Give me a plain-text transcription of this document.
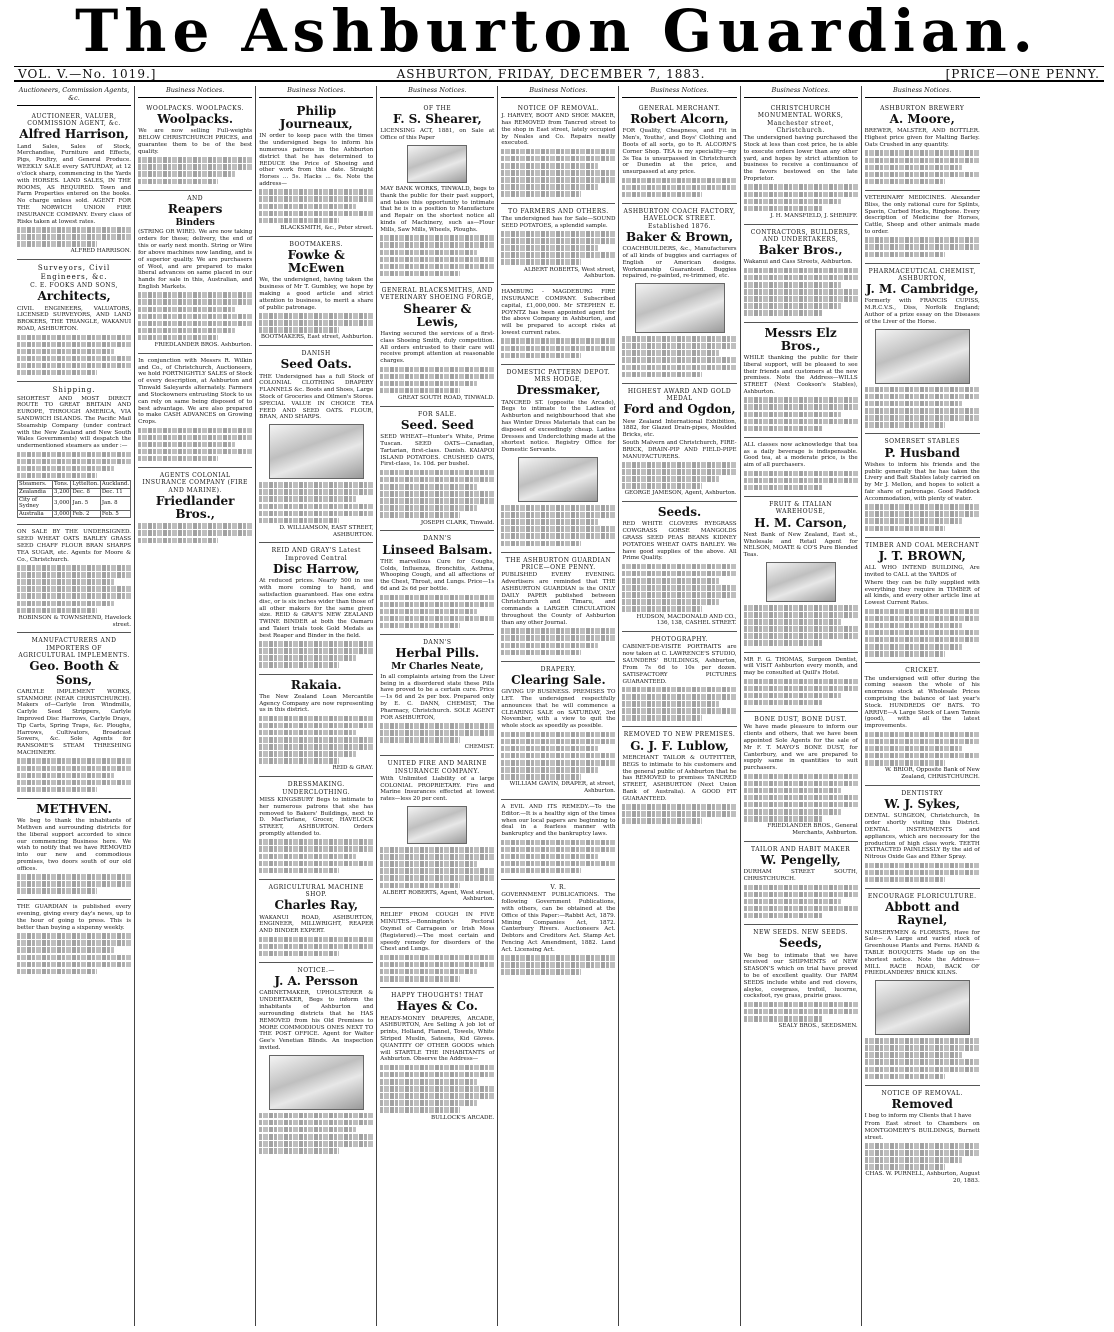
The Ashburton Guardian.
VOL. V.—No. 1019.]	ASHBURTON, FRIDAY, DECEMBER 7, 1883.	[PRICE—ONE PENNY.
Auctioneers, Commission Agents, &c.
AUCTIONEER, VALUER, COMMISSION AGENT, &c.
Alfred Harrison,
Land Sales, Sales of Stock, Merchandise, Furniture and Effects, Pigs, Poultry, and General Produce. WEEKLY SALE every SATURDAY, at 12 o'clock sharp, commencing in the Yards with HORSES. LAND SALES, IN THE ROOMS, AS REQUIRED. Town and Farm Properties entered on the books. No charge unless sold. AGENT FOR THE NORWICH UNION FIRE INSURANCE COMPANY. Every class of Risks taken at lowest rates.
ALFRED HARRISON.
Surveyors, Civil Engineers, &c.
C. E. FOOKS AND SONS,
Architects,
CIVIL ENGINEERS, VALUATORS, LICENSED SURVEYORS, AND LAND BROKERS, THE TRIANGLE, WAKANUI ROAD, ASHBURTON.
Shipping.
SHORTEST AND MOST DIRECT ROUTE TO GREAT BRITAIN AND EUROPE, THROUGH AMERICA, VIA SANDWICH ISLANDS. The Pacific Mail Steamship Company (under contract with the New Zealand and New South Wales Governments) will despatch the undermentioned steamers as under :—
Steamers.	Tons.	Lyttelton.	Auckland.
Zealandia	3,200	Dec. 8	Dec. 11
City of Sydney	3,000	Jan. 5	Jan. 8
Australia	3,000	Feb. 2	Feb. 5
ON SALE BY THE UNDERSIGNED. SEED WHEAT OATS BARLEY GRASS SEED CHAFF FLOUR BRAN SHARPS TEA SUGAR, etc. Agents for Moore & Co., Christchurch.
ROBINSON & TOWNSHEND, Havelock street.
MANUFACTURERS AND IMPORTERS OF AGRICULTURAL IMPLEMENTS.
Geo. Booth & Sons,
CARLYLE IMPLEMENT WORKS, STANMORE (NEAR CHRISTCHURCH). Makers of—Carlyle Iron Windmills, Carlyle Seed Strippers, Carlyle Improved Disc Harrows, Carlyle Drays, Tip Carts, Spring Traps, &c. Ploughs, Harrows, Cultivators, Broadcast Sowers, &c. Sole Agents for RANSOME'S STEAM THRESHING MACHINERY.
METHVEN.
We beg to thank the inhabitants of Methven and surrounding districts for the liberal support accorded to since our commencing Business here. We wish to notify that we have REMOVED into our new and commodious premises, two doors south of our old offices.
THE GUARDIAN is published every evening, giving every day's news, up to the hour of going to press. This is better than buying a sixpenny weekly.
Business Notices.
WOOLPACKS. WOOLPACKS.
Woolpacks.
We are now selling Full-weights BELOW CHRISTCHURCH PRICES, and guarantee them to be of the best quality.
AND
Reapers
Binders
(STRING OR WIRE). We are now taking orders for these; delivery, the end of this or early next month. String or Wire for above machines now landing, and is of superior quality. We are purchasers of Wool, and are prepared to make liberal advances on same placed in our hands for sale in this, Australian, and English Markets.
FRIEDLANDER BROS. Ashburton.
In conjunction with Messrs R. Wilkin and Co., of Christchurch, Auctioneers, we hold FORTNIGHTLY SALES of Stock of every description, at Ashburton and Tinwald Saleyards alternately. Farmers and Stockowners entrusting Stock to us can rely on same being disposed of to best advantage. We are also prepared to make CASH ADVANCES on Growing Crops.
AGENTS COLONIAL INSURANCE COMPANY (FIRE AND MARINE).
Friedlander Bros.,
Business Notices.
Philip Journeaux,
IN order to keep pace with the times the undersigned begs to inform his numerous patrons in the Ashburton district that he has determined to REDUCE the Price of Shoeing and other work from this date. Straight Horses ... 5s. Hacks ... 6s. Note the address—
BLACKSMITH, &c., Peter street.
BOOTMAKERS.
Fowke & McEwen
We, the undersigned, having taken the business of Mr T. Gumbley, we hope by making a good article and strict attention to business, to merit a share of public patronage.
BOOTMAKERS, East street, Ashburton.
DANISH
Seed Oats.
THE Undersigned has a full Stock of COLONIAL CLOTHING DRAPERY FLANNELS &c. Boots and Shoes, Large Stock of Groceries and Oilmen's Stores. SPECIAL VALUE IN CHOICE TEA FEED AND SEED OATS. FLOUR, BRAN, AND SHARPS.
D. WILLIAMSON, EAST STREET, ASHBURTON.
REID AND GRAY'S Latest Improved Central
Disc Harrow,
At reduced prices. Nearly 500 in use with more coming to hand, and satisfaction guaranteed. Has one extra disc, or is six inches wider than those of all other makers for the same given size. REID & GRAY'S NEW ZEALAND TWINE BINDER at both the Oamaru and Taieri trials took Gold Medals as best Reaper and Binder in the field.
Rakaia.
The New Zealand Loan Mercantile Agency Company are now representing us in this district.
REID & GRAY.
DRESSMAKING. UNDERCLOTHING.
MISS KINGSBURY Begs to intimate to her numerous patrons that she has removed to Bakers' Buildings, next to D. MacFarlane, Grocer, HAVELOCK STREET, ASHBURTON. Orders promptly attended to.
AGRICULTURAL MACHINE SHOP.
Charles Ray,
WAKANUI ROAD, ASHBURTON, ENGINEER, MILLWRIGHT, REAPER AND BINDER EXPERT.
NOTICE.—
J. A. Persson
CABINETMAKER, UPHOLSTERER & UNDERTAKER, Begs to inform the inhabitants of Ashburton and surrounding districts that he HAS REMOVED from his Old Premises to MORE COMMODIOUS ONES NEXT TO THE POST OFFICE. Agent for Walter Gee's Venetian Blinds. An inspection invited.
Business Notices.
OF THE
F. S. Shearer,
LICENSING ACT, 1881, on Sale at Office of this Paper
MAY BANK WORKS, TINWALD, begs to thank the public for their past support, and takes this opportunity to intimate that he is in a position to Manufacture and Repair on the shortest notice all kinds of Machinery, such as—Flour Mills, Saw Mills, Wheels, Ploughs.
GENERAL BLACKSMITHS, AND VETERINARY SHOEING FORGE,
Shearer & Lewis,
Having secured the services of a first-class Shoeing Smith, duly competition. All orders entrusted to their care will receive prompt attention at reasonable charges.
GREAT SOUTH ROAD, TINWALD.
FOR SALE.
Seed. Seed
SEED WHEAT—Hunter's White, Prime Tuscan. SEED OATS—Canadian, Tartarian, first-class. Danish. KAIAPOI ISLAND POTATOES. CRUSHED OATS, First-class, 1s. 10d. per bushel.
JOSEPH CLARK, Tinwald.
DANN'S
Linseed Balsam.
THE marvellous Cure for Coughs, Colds, Influenza, Bronchitis, Asthma, Whooping Cough, and all affections of the Chest, Throat, and Lungs. Price—1s 6d and 2s 6d per bottle.
DANN'S
Herbal Pills.
Mr Charles Neate,
In all complaints arising from the Liver being in a disordered state these Pills have proved to be a certain cure. Price—1s 6d and 2s per box. Prepared only by E. C. DANN, CHEMIST, The Pharmacy, Christchurch. SOLE AGENT FOR ASHBURTON,
CHEMIST.
UNITED FIRE AND MARINE INSURANCE COMPANY.
With Unlimited Liability of a large COLONIAL PROPRIETARY. Fire and Marine Insurances effected at lowest rates—less 20 per cent.
ALBERT ROBERTS, Agent, West street, Ashburton.
RELIEF FROM COUGH IN FIVE MINUTES.—Bonnington's Pectoral Oxymel of Carrageen or Irish Moss (Registered).—The most certain and speedy remedy for disorders of the Chest and Lungs.
HAPPY THOUGHTS! THAT
Hayes & Co.
READY-MONEY DRAPERS, ARCADE, ASHBURTON, Are Selling A job lot of prints, Holland, Flannel, Towels, White Striped Muslin, Sateens, Kid Gloves. QUANTITY OF OTHER GOODS which will STARTLE THE INHABITANTS of Ashburton. Observe the Address—
BULLOCK'S ARCADE.
Business Notices.
NOTICE OF REMOVAL.
J. HARVEY, BOOT AND SHOE MAKER, has REMOVED from Tancred street to the shop in East street, lately occupied by Neales and Co. Repairs neatly executed.
TO FARMERS AND OTHERS.
The undersigned has for Sale—SOUND SEED POTATOES, a splendid sample.
ALBERT ROBERTS, West street, Ashburton.
HAMBURG - MAGDEBURG FIRE INSURANCE COMPANY. Subscribed capital, £1,000,000. Mr STEPHEN E. POYNTZ has been appointed agent for the above Company in Ashburton, and will be prepared to accept risks at lowest current rates.
DOMESTIC PATTERN DEPOT. MRS HODGE,
Dressmaker,
TANCRED ST. (opposite the Arcade), Begs to intimate to the Ladies of Ashburton and neighbourhood that she has Winter Dress Materials that can be disposed of exceedingly cheap. Ladies Dresses and Underclothing made at the shortest notice. Registry Office for Domestic Servants.
THE ASHBURTON GUARDIAN PRICE—ONE PENNY.
PUBLISHED EVERY EVENING. Advertisers are reminded that THE ASHBURTON GUARDIAN is the ONLY DAILY PAPER published between Christchurch and Timaru, and commands a LARGER CIRCULATION throughout the County of Ashburton than any other Journal.
DRAPERY.
Clearing Sale.
GIVING UP BUSINESS. PREMISES TO LET. The undersigned respectfully announces that he will commence a CLEARING SALE on SATURDAY, 3rd November, with a view to quit the whole stock as speedily as possible.
WILLIAM GAVIN, DRAPER, at street, Ashburton.
A EVIL AND ITS REMEDY.—To the Editor.—It is a healthy sign of the times when our local papers are beginning to deal in a fearless manner with bankruptcy and the bankruptcy laws.
V. R.
GOVERNMENT PUBLICATIONS. The following Government Publications, with others, can be obtained at the Office of this Paper:—Rabbit Act, 1879. Mining Companies Act, 1872. Canterbury Rivers. Auctioneers Act. Debtors and Creditors Act. Stamp Act. Fencing Act Amendment, 1882. Land Act. Licensing Act.
Business Notices.
GENERAL MERCHANT.
Robert Alcorn,
FOR Quality, Cheapness, and Fit in Men's, Youths', and Boys' Clothing and Boots of all sorts, go to R. ALCORN'S Corner Shop. TEA is my speciality—my 3s Tea is unsurpassed in Christchurch or Dunedin at the price, and unsurpassed at any price.
ASHBURTON COACH FACTORY, HAVELOCK STREET. Established 1876.
Baker & Brown,
COACHBUILDERS, &c., Manufacturers of all kinds of buggies and carriages of English or American designs. Workmanship Guaranteed. Buggies repaired, re-painted, re-trimmed, etc.
HIGHEST AWARD AND GOLD MEDAL
Ford and Ogdon,
New Zealand International Exhibition, 1882, for Glazed Drain-pipes, Moulded Bricks, etc.
South Malvern and Christchurch, FIRE-BRICK, DRAIN-PIP AND FIELD-PIPE MANUFACTURERS.
GEORGE JAMESON, Agent, Ashburton.
Seeds.
RED WHITE CLOVERS RYEGRASS COWGRASS GORSE MANGOLDS GRASS SEED PEAS BEANS KIDNEY POTATOES WHEAT OATS BARLEY. We have good supplies of the above. All Prime Quality.
HUDSON, MACDONALD AND CO., 136, 138, CASHEL STREET.
PHOTOGRAPHY.
CABINET-DE-VISITE PORTRAITS are now taken at C. LAWRENCE'S STUDIO, SAUNDERS' BUILDINGS, Ashburton, From 7s 6d to 10s per dozen. SATISFACTORY PICTURES GUARANTEED.
REMOVED TO NEW PREMISES.
G. J. F. Lublow,
MERCHANT TAILOR & OUTFITTER, BEGS to intimate to his customers and the general public of Ashburton that he has REMOVED to premises TANCRED STREET, ASHBURTON (Next Union Bank of Australia). A GOOD FIT GUARANTEED.
Business Notices.
CHRISTCHURCH MONUMENTAL WORKS, Manchester street, Christchurch.
The undersigned having purchased the Stock at less than cost price, he is able to execute orders lower than any other yard, and hopes by strict attention to business to receive a continuance of the favors bestowed on the late Proprietor.
J. H. MANSFIELD, J. SHERIFF.
CONTRACTORS, BUILDERS, AND UNDERTAKERS,
Baker Bros.,
Wakanui and Cass Streets, Ashburton.
Messrs Elz Bros.,
WHILE thanking the public for their liberal support, will be pleased to see their friends and customers at the new premises. Note the Address—WILLS STREET (Next Cookson's Stables), Ashburton.
ALL classes now acknowledge that tea as a daily beverage is indispensable. Good tea, at a moderate price, is the aim of all purchasers.
FRUIT & ITALIAN WAREHOUSE,
H. M. Carson,
Next Bank of New Zealand, East st., Wholesale and Retail Agent for NELSON, MOATE & CO'S Pure Blended Teas.
MR F. G. THOMAS, Surgeon Dentist, will VISIT Ashburton every month, and may be consulted at Quill's Hotel.
BONE DUST, BONE DUST.
We have made pleasure to inform our clients and others, that we have been appointed Sole Agents for the sale of Mr F. T. MAYO'S BONE DUST, for Canterbury, and we are prepared to supply same in quantities to suit purchasers.
FRIEDLANDER BROS., General Merchants, Ashburton.
TAILOR AND HABIT MAKER
W. Pengelly,
DURHAM STREET SOUTH, CHRISTCHURCH.
NEW SEEDS. NEW SEEDS.
Seeds,
We beg to intimate that we have received our SHIPMENTS of NEW SEASON'S which on trial have proved to be of excellent quality. Our FARM SEEDS include white and red clovers, alsyke, cowgrass, trefoil, lucerne, cocksfoot, rye grass, prairie grass.
SEALY BROS., SEEDSMEN.
Business Notices.
ASHBURTON BREWERY
A. Moore,
BREWER, MALSTER, AND BOTTLER. Highest price given for Malting Barley. Oats Crushed in any quantity.
VETERINARY MEDICINES. Alexander Bliss, the only rational cure for Splints, Spavin, Curbed Hocks, Ringbone. Every description of Medicine for Horses, Cattle, Sheep and other animals made to order.
PHARMACEUTICAL CHEMIST, ASHBURTON,
J. M. Cambridge,
Formerly with FRANCIS CUPISS, M.R.C.V.S., Diss, Norfolk England; Author of a prize essay on the Diseases of the Liver of the Horse.
SOMERSET STABLES
P. Husband
Wishes to inform his friends and the public generally that he has taken the Livery and Bait Stables lately carried on by Mr J. Mellon, and hopes to solicit a fair share of patronage. Good Paddock Accommodation, with plenty of water.
TIMBER AND COAL MERCHANT
J. T. BROWN,
ALL WHO INTEND BUILDING, Are invited to CALL at the YARDS of
Where they can be fully supplied with everything they require in TIMBER of all kinds, and every other article line at Lowest Current Rates.
CRICKET.
The undersigned will offer during the coming season the whole of his enormous stock at Wholesale Prices comprising the balance of last year's Stock. HUNDREDS OF BATS. TO ARRIVE—A Large Stock of Lawn Tennis (good), with all the latest improvements.
W. BRIOR, Opposite Bank of New Zealand, CHRISTCHURCH.
DENTISTRY
W. J. Sykes,
DENTAL SURGEON, Christchurch, In order shortly visiting this District. DENTAL INSTRUMENTS and appliances, which are necessary for the production of high class work. TEETH EXTRACTED PAINLESSLY By the aid of Nitrous Oxide Gas and Ether Spray.
ENCOURAGE FLORICULTURE.
Abbott and Raynel,
NURSERYMEN & FLORISTS, Have for Sale— A Large and varied stock of Greenhouse Plants and Ferns. HAND & TABLE BOUQUETS Made up on the shortest notice. Note the Address—MILL RACE ROAD, BACK OF FRIEDLANDERS' BRICK KILNS.
NOTICE OF REMOVAL.
Removed
I beg to inform my Clients that I have
From East street to Chambers on MONTGOMERY'S BUILDINGS, Burnett street.
CHAS. W. PURNELL, Ashburton, August 20, 1883.
